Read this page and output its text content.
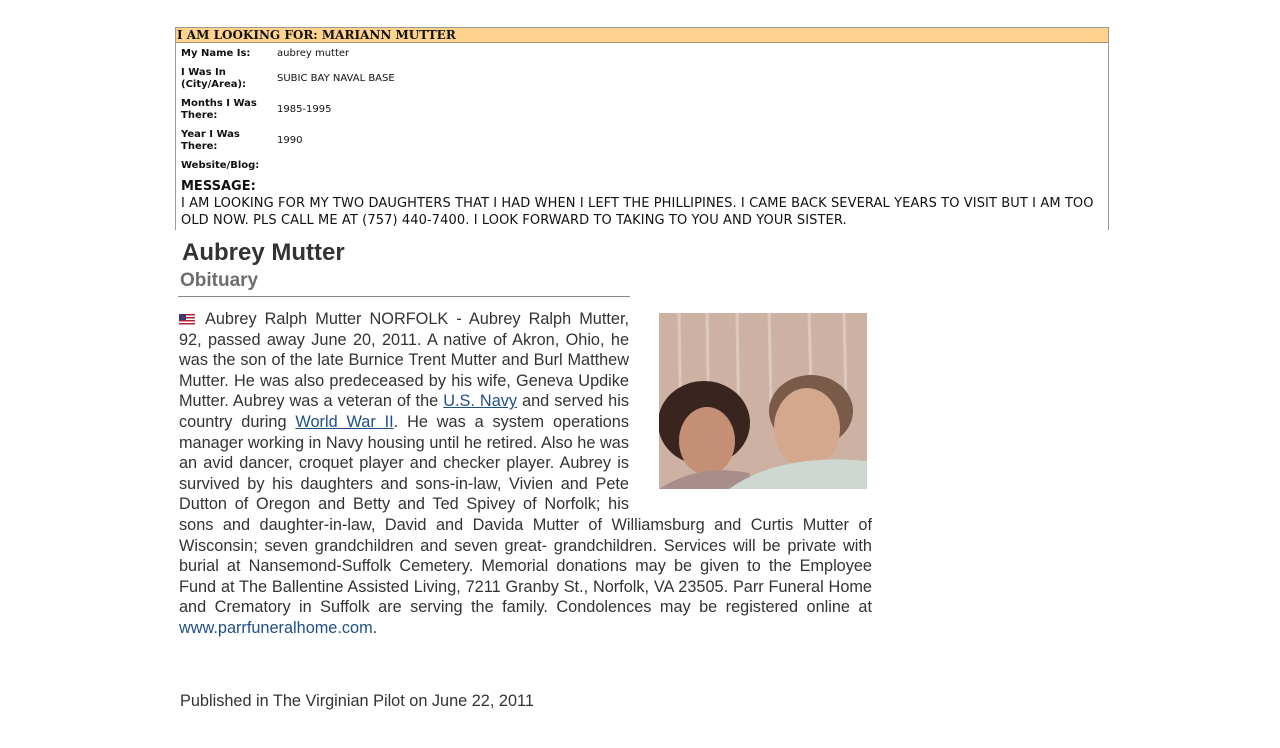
I AM LOOKING FOR: MARIANN MUTTER
My Name Is:	aubrey mutter
I Was In (City/Area):
SUBIC BAY NAVAL BASE
Months I Was There:
1985-1995
Year I Was There:
1990
Website/Blog:
MESSAGE:
I AM LOOKING FOR MY TWO DAUGHTERS THAT I HAD WHEN I LEFT THE PHILLIPINES. I CAME BACK SEVERAL YEARS TO VISIT BUT I AM TOO OLD NOW. PLS CALL ME AT (757) 440-7400. I LOOK FORWARD TO TAKING TO YOU AND YOUR SISTER.
Aubrey Mutter
Obituary
Aubrey Ralph Mutter NORFOLK - Aubrey Ralph Mutter, 92, passed away June 20, 2011. A native of Akron, Ohio, he was the son of the late Burnice Trent Mutter and Burl Matthew Mutter. He was also predeceased by his wife, Geneva Updike Mutter. Aubrey was a veteran of the U.S. Navy and served his country during World War II. He was a system operations manager working in Navy housing until he retired. Also he was an avid dancer, croquet player and checker player. Aubrey is survived by his daughters and sons-in-law, Vivien and Pete Dutton of Oregon and Betty and Ted Spivey of Norfolk; his sons and daughter-in-law, David and Davida Mutter of Williamsburg and Curtis Mutter of Wisconsin; seven grandchildren and seven great- grandchildren. Services will be private with burial at Nansemond-Suffolk Cemetery. Memorial donations may be given to the Employee Fund at The Ballentine Assisted Living, 7211 Granby St., Norfolk, VA 23505. Parr Funeral Home and Crematory in Suffolk are serving the family. Condolences may be registered online at www.parrfuneralhome.com.
Published in The Virginian Pilot on June 22, 2011
